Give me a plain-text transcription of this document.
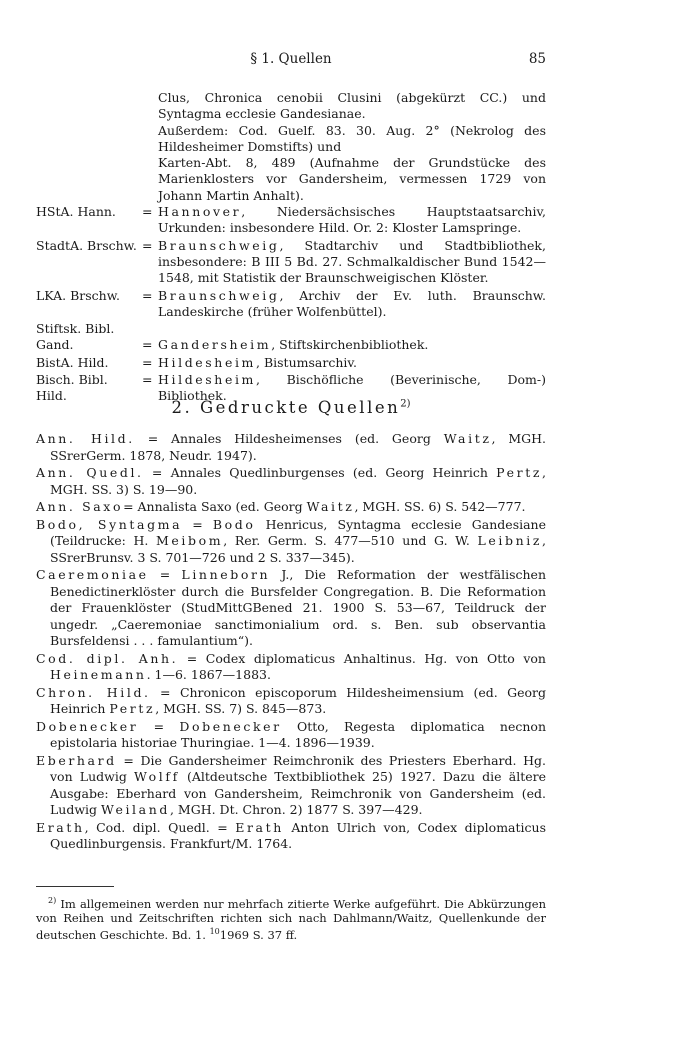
§ 1. Quellen	85
Clus, Chronica cenobii Clusini (abgekürzt CC.) und Syntagma ecclesie Gandesianae.
Außerdem: Cod. Guelf. 83. 30. Aug. 2° (Nekrolog des Hildesheimer Domstifts) und
Karten-Abt. 8, 489 (Aufnahme der Grundstücke des Marienklosters vor Gandersheim, vermessen 1729 von Johann Martin Anhalt).
HStA. Hann.	= Hannover, Niedersächsisches Hauptstaatsarchiv, Urkunden: insbesondere Hild. Or. 2: Kloster Lamspringe.
StadtA. Brschw. = Braunschweig, Stadtarchiv und Stadtbibliothek, insbesondere: B III 5 Bd. 27. Schmalkaldischer Bund 1542—1548, mit Statistik der Braunschweigischen Klöster.
LKA. Brschw.	= Braunschweig, Archiv der Ev. luth. Braunschw. Landeskirche (früher Wolfenbüttel).
Stiftsk. Bibl.
Gand.	= Gandersheim, Stiftskirchenbibliothek.
BistA. Hild.	= Hildesheim, Bistumsarchiv.
Bisch. Bibl. Hild.
= Hildesheim, Bischöfliche (Beverinische, Dom-) Bibliothek.
2. Gedruckte Quellen$^{2)}$
Ann. Hild. = Annales Hildesheimenses (ed. Georg Waitz, MGH. SSrerGerm. 1878, Neudr. 1947).
Ann. Quedl. = Annales Quedlinburgenses (ed. Georg Heinrich Pertz, MGH. SS. 3) S. 19—90.
Ann. Saxo= Annalista Saxo (ed. Georg Waitz, MGH. SS. 6) S. 542—777.
Bodo, Syntagma = Bodo Henricus, Syntagma ecclesie Gandesiane (Teildrucke: H. Meibom, Rer. Germ. S. 477—510 und G. W. Leibniz, SSrerBrunsv. 3 S. 701—726 und 2 S. 337—345).
Caeremoniae = Linneborn J., Die Reformation der westfälischen Benedictinerklöster durch die Bursfelder Congregation. B. Die Reformation der Frauenklöster (StudMittGBened 21. 1900 S. 53—67, Teildruck der ungedr. „Caeremoniae sanctimonialium ord. s. Ben. sub observantia Bursfeldensi . . . famulantium“).
Cod. dipl. Anh. = Codex diplomaticus Anhaltinus. Hg. von Otto von Heinemann. 1—6. 1867—1883.
Chron. Hild. = Chronicon episcoporum Hildesheimensium (ed. Georg Heinrich Pertz, MGH. SS. 7) S. 845—873.
Dobenecker = Dobenecker Otto, Regesta diplomatica necnon epistolaria historiae Thuringiae. 1—4. 1896—1939.
Eberhard = Die Gandersheimer Reimchronik des Priesters Eberhard. Hg. von Ludwig Wolff (Altdeutsche Textbibliothek 25) 1927. Dazu die ältere Ausgabe: Eberhard von Gandersheim, Reimchronik von Gandersheim (ed. Ludwig Weiland, MGH. Dt. Chron. 2) 1877 S. 397—429.
Erath, Cod. dipl. Quedl. = Erath Anton Ulrich von, Codex diplomaticus Quedlinburgensis. Frankfurt/M. 1764.
$^{2)}$ Im allgemeinen werden nur mehrfach zitierte Werke aufgeführt. Die Abkürzungen von Reihen und Zeitschriften richten sich nach Dahlmann/Waitz, Quellenkunde der deutschen Geschichte. Bd. 1. $^{10}$1969 S. 37 ff.
